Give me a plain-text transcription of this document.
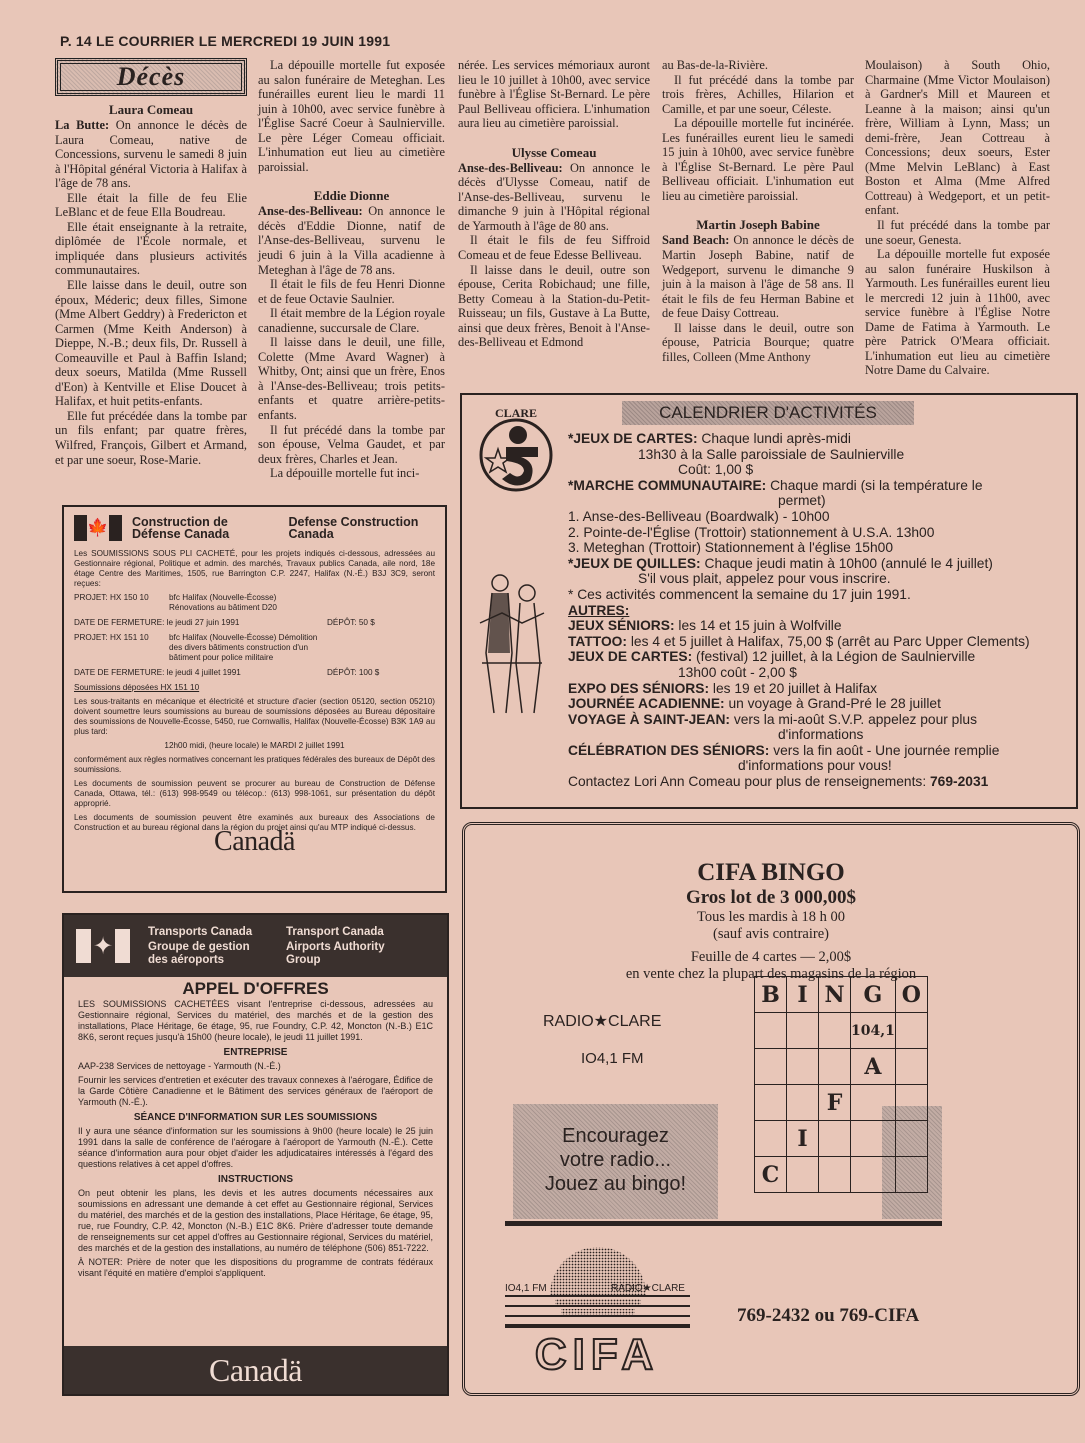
P. 14 LE COURRIER LE MERCREDI 19 JUIN 1991
Décès
Laura Comeau

La Butte: On annonce le décès de Laura Comeau, native de Concessions, survenu le samedi 8 juin à l'Hôpital général Victoria à Halifax à l'âge de 78 ans.

Elle était la fille de feu Elie LeBlanc et de feue Ella Boudreau.

Elle était enseignante à la retraite, diplômée de l'École normale, et impliquée dans plusieurs activités communautaires.

Elle laisse dans le deuil, outre son époux, Méderic; deux filles, Simone (Mme Albert Geddry) à Fredericton et Carmen (Mme Keith Anderson) à Dieppe, N.-B.; deux fils, Dr. Russell à Comeauville et Paul à Baffin Island; deux soeurs, Matilda (Mme Russell d'Eon) à Kentville et Elise Doucet à Halifax, et huit petits-enfants.

Elle fut précédée dans la tombe par un fils enfant; par quatre frères, Wilfred, François, Gilbert et Armand, et par une soeur, Rose-Marie.

La dépouille mortelle fut exposée au salon funéraire de Meteghan. Les funérailles eurent lieu le mardi 11 juin à 10h00, avec service funèbre à l'Église Sacré Coeur à Saulnierville. Le père Léger Comeau officiait. L'inhumation eut lieu au cimetière paroissial.

Eddie Dionne

Anse-des-Belliveau: On annonce le décès d'Eddie Dionne, natif de l'Anse-des-Belliveau, survenu le jeudi 6 juin à la Villa acadienne à Meteghan à l'âge de 78 ans.

Il était le fils de feu Henri Dionne et de feue Octavie Saulnier.

Il était membre de la Légion royale canadienne, succursale de Clare.

Il laisse dans le deuil, une fille, Colette (Mme Avard Wagner) à Whitby, Ont; ainsi que un frère, Enos à l'Anse-des-Belliveau; trois petits-enfants et quatre arrière-petits-enfants.

Il fut précédé dans la tombe par son épouse, Velma Gaudet, et par deux frères, Charles et Jean.

La dépouille mortelle fut inci-

nérée. Les services mémoriaux auront lieu le 10 juillet à 10h00, avec service funèbre à l'Église St-Bernard. Le père Paul Belliveau officiera. L'inhumation aura lieu au cimetière paroissial.

Ulysse Comeau

Anse-des-Belliveau: On annonce le décès d'Ulysse Comeau, natif de l'Anse-des-Belliveau, survenu le dimanche 9 juin à l'Hôpital régional de Yarmouth à l'âge de 80 ans.

Il était le fils de feu Siffroid Comeau et de feue Edesse Belliveau.

Il laisse dans le deuil, outre son épouse, Cerita Robichaud; une fille, Betty Comeau à la Station-du-Petit-Ruisseau; un fils, Gustave à La Butte, ainsi que deux frères, Benoit à l'Anse-des-Belliveau et Edmond

au Bas-de-la-Rivière.

Il fut précédé dans la tombe par trois frères, Achilles, Hilarion et Camille, et par une soeur, Céleste.

La dépouille mortelle fut incinérée. Les funérailles eurent lieu le samedi 15 juin à 10h00, avec service funèbre à l'Église St-Bernard. Le père Paul Belliveau officiait. L'inhumation eut lieu au cimetière paroissial.

Martin Joseph Babine

Sand Beach: On annonce le décès de Martin Joseph Babine, natif de Wedgeport, survenu le dimanche 9 juin à la maison à l'âge de 58 ans. Il était le fils de feu Herman Babine et de feue Daisy Cottreau.

Il laisse dans le deuil, outre son épouse, Patricia Bourque; quatre filles, Colleen (Mme Anthony

Moulaison) à South Ohio, Charmaine (Mme Victor Moulaison) à Gardner's Mill et Maureen et Leanne à la maison; ainsi qu'un frère, William à Lynn, Mass; un demi-frère, Jean Cottreau à Concessions; deux soeurs, Ester (Mme Melvin LeBlanc) à East Boston et Alma (Mme Alfred Cottreau) à Wedgeport, et un petit-enfant.

Il fut précédé dans la tombe par une soeur, Genesta.

La dépouille mortelle fut exposée au salon funéraire Huskilson à Yarmouth. Les funérailles eurent lieu le mercredi 12 juin à 11h00, avec service funèbre à l'Église Notre Dame de Fatima à Yarmouth. Le père Patrick O'Meara officiait. L'inhumation eut lieu au cimetière Notre Dame du Calvaire.

🍁 Construction de Défense Canada
Defense Construction Canada

Les SOUMISSIONS SOUS PLI CACHETÉ, pour les projets indiqués ci-dessous, adressées au Gestionnaire régional, Politique et admin. des marchés, Travaux publics Canada, aile nord, 18e étage Centre des Maritimes, 1505, rue Barrington C.P. 2247, Halifax (N.-É.) B3J 3C9, seront reçues:

PROJET: HX 150 10	bfc Halifax (Nouvelle-Écosse) Rénovations au bâtiment D20
DATE DE FERMETURE: le jeudi 27 juin 1991	DÉPÔT: 50 $
PROJET: HX 151 10	bfc Halifax (Nouvelle-Écosse) Démolition des divers bâtiments construction d'un bâtiment pour police militaire
DATE DE FERMETURE: le jeudi 4 juillet 1991	DÉPÔT: 100 $

Soumissions déposées HX 151 10

Les sous-traitants en mécanique et électricité et structure d'acier (section 05120, section 05210) doivent soumettre leurs soumissions au bureau de soumissions déposées au Bureau dépositaire des soumissions de Nouvelle-Écosse, 5450, rue Cornwallis, Halifax (Nouvelle-Écosse) B3K 1A9 au plus tard:

12h00 midi, (heure locale) le MARDI 2 juillet 1991

conformément aux règles normatives concernant les pratiques fédérales des bureaux de Dépôt des soumissions.

Les documents de soumission peuvent se procurer au bureau de Construction de Défense Canada, Ottawa, tél.: (613) 998-9549 ou télécop.: (613) 998-1061, sur présentation du dépôt approprié.

Les documents de soumission peuvent être examinés aux bureaux des Associations de Construction et au bureau régional dans la région du projet ainsi qu'au MTP indiqué ci-dessus.

Canadä
✦
Transports Canada
Groupe de gestion des aéroports
Transport Canada
Airports Authority Group
APPEL D'OFFRES

LES SOUMISSIONS CACHETÉES visant l'entreprise ci-dessous, adressées au Gestionnaire régional, Services du matériel, des marchés et de la gestion des installations, Place Héritage, 6e étage, 95, rue Foundry, C.P. 42, Moncton (N.-B.) E1C 8K6, seront reçues jusqu'à 15h00 (heure locale), le jeudi 11 juillet 1991.

ENTREPRISE

AAP-238 Services de nettoyage - Yarmouth (N.-É.)

Fournir les services d'entretien et exécuter des travaux connexes à l'aérogare, Édifice de la Garde Côtière Canadienne et le Bâtiment des services généraux de l'aéroport de Yarmouth (N.-É.).

SÉANCE D'INFORMATION SUR LES SOUMISSIONS

Il y aura une séance d'information sur les soumissions à 9h00 (heure locale) le 25 juin 1991 dans la salle de conférence de l'aérogare à l'aéroport de Yarmouth (N.-É.). Cette séance d'information aura pour objet d'aider les adjudicataires intéressés à l'égard des questions relatives à cet appel d'offres.

INSTRUCTIONS

On peut obtenir les plans, les devis et les autres documents nécessaires aux soumissions en adressant une demande à cet effet au Gestionnaire régional, Services du matériel, des marchés et de la gestion des installations, Place Héritage, 6e étage, 95, rue, rue Foundry, C.P. 42, Moncton (N.-B.) E1C 8K6. Prière d'adresser toute demande de renseignements sur cet appel d'offres au Gestionnaire régional, Services du matériel, des marchés et de la gestion des installations, au numéro de téléphone (506) 851-7222.

À NOTER: Prière de noter que les dispositions du programme de contrats fédéraux visant l'équité en matière d'emploi s'appliquent.

Canadä
CLARE	CALENDRIER D'ACTIVITÉS
*JEUX DE CARTES: Chaque lundi après-midi
13h30 à la Salle paroissiale de Saulnierville
Coût: 1,00 $
*MARCHE COMMUNAUTAIRE: Chaque mardi (si la température le
permet)
1. Anse-des-Belliveau (Boardwalk) - 10h00
2. Pointe-de-l'Église (Trottoir) stationnement à U.S.A. 13h00
3. Meteghan (Trottoir) Stationnement à l'église 15h00
*JEUX DE QUILLES: Chaque jeudi matin à 10h00 (annulé le 4 juillet)
S'il vous plait, appelez pour vous inscrire.
* Ces activités commencent la semaine du 17 juin 1991.
AUTRES:
JEUX SÉNIORS: les 14 et 15 juin à Wolfville
TATTOO: les 4 et 5 juillet à Halifax, 75,00 $ (arrêt au Parc Upper Clements)
JEUX DE CARTES: (festival) 12 juillet, à la Légion de Saulnierville
13h00 coût - 2,00 $
EXPO DES SÉNIORS: les 19 et 20 juillet à Halifax
JOURNÉE ACADIENNE: un voyage à Grand-Pré le 28 juillet
VOYAGE À SAINT-JEAN: vers la mi-août S.V.P. appelez pour plus
d'informations
CÉLÉBRATION DES SÉNIORS: vers la fin août - Une journée remplie
d'informations pour vous!
Contactez Lori Ann Comeau pour plus de renseignements: 769-2031
CIFA BINGO
Gros lot de 3 000,00$
Tous les mardis à 18 h 00
(sauf avis contraire)
Feuille de 4 cartes — 2,00$
en vente chez la plupart des magasins de la région
RADIO★CLARE
IO4,1 FM
Encouragez
votre radio...
Jouez au bingo!
B	I	N	G	O
			104,1	
			A	
		F		
	I			
C				
IO4,1 FM	RADIO★CLARE
CIFA
769-2432 ou 769-CIFA
